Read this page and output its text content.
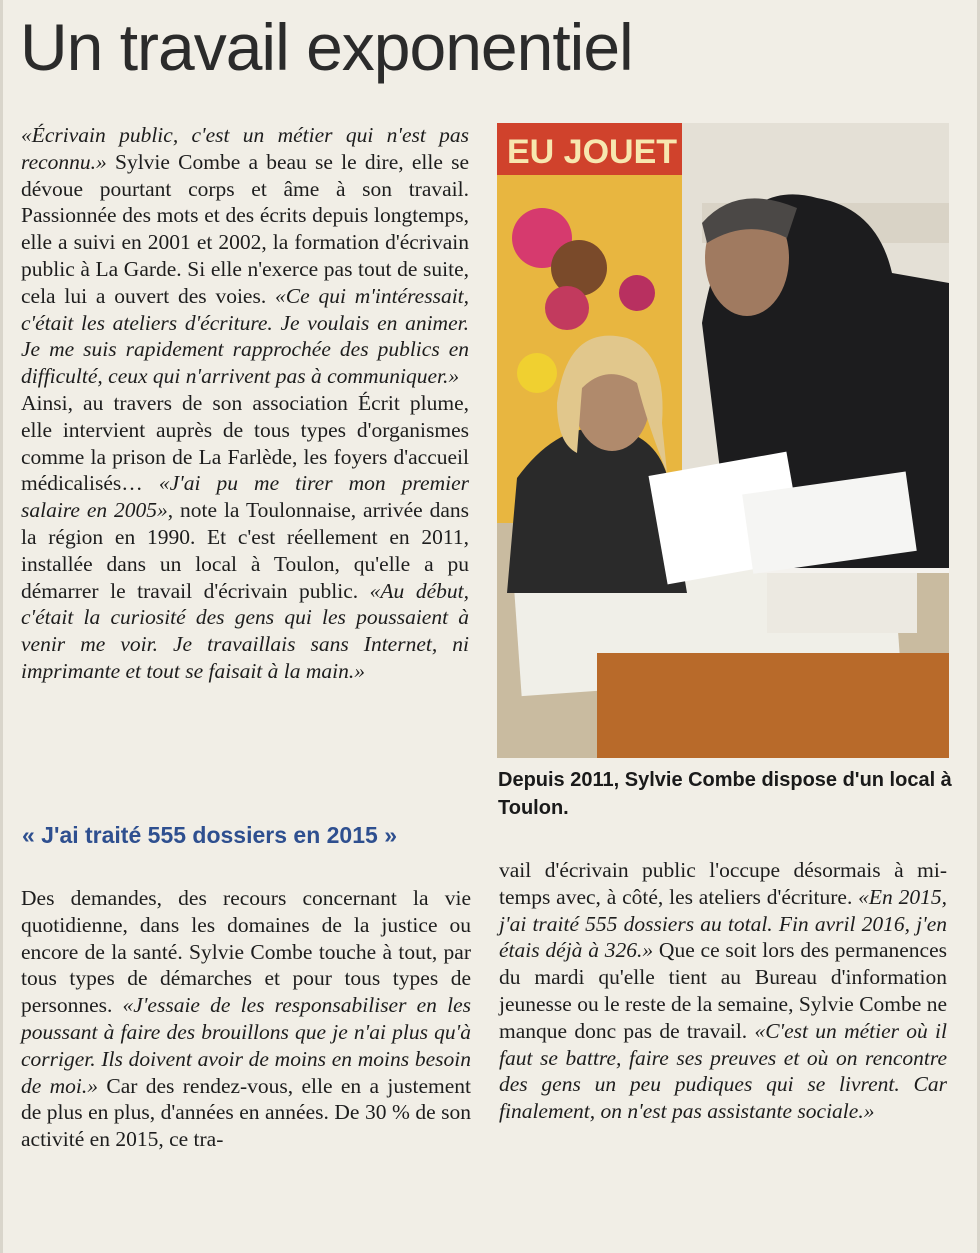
Un travail exponentiel

«Écrivain public, c'est un métier qui n'est pas reconnu.» Sylvie Combe a beau se le dire, elle se dévoue pourtant corps et âme à son travail. Passionnée des mots et des écrits depuis longtemps, elle a suivi en 2001 et 2002, la formation d'écrivain public à La Garde. Si elle n'exerce pas tout de suite, cela lui a ouvert des voies. «Ce qui m'intéressait, c'était les ateliers d'écriture. Je voulais en animer. Je me suis rapidement rapprochée des publics en difficulté, ceux qui n'arrivent pas à communiquer.»

Ainsi, au travers de son association Écrit plume, elle intervient auprès de tous types d'organismes comme la prison de La Farlède, les foyers d'accueil médicalisés… «J'ai pu me tirer mon premier salaire en 2005», note la Toulonnaise, arrivée dans la région en 1990. Et c'est réellement en 2011, installée dans un local à Toulon, qu'elle a pu démarrer le travail d'écrivain public. «Au début, c'était la curiosité des gens qui les poussaient à venir me voir. Je travaillais sans Internet, ni imprimante et tout se faisait à la main.»

EU JOUET

Depuis 2011, Sylvie Combe dispose d'un local à Toulon.

« J'ai traité 555 dossiers en 2015 »

Des demandes, des recours concernant la vie quotidienne, dans les domaines de la justice ou encore de la santé. Sylvie Combe touche à tout, par tous types de démarches et pour tous types de personnes. «J'essaie de les responsabiliser en les poussant à faire des brouillons que je n'ai plus qu'à corriger. Ils doivent avoir de moins en moins besoin de moi.» Car des rendez-vous, elle en a justement de plus en plus, d'années en années. De 30 % de son activité en 2015, ce tra-

vail d'écrivain public l'occupe désormais à mi-temps avec, à côté, les ateliers d'écriture. «En 2015, j'ai traité 555 dossiers au total. Fin avril 2016, j'en étais déjà à 326.» Que ce soit lors des permanences du mardi qu'elle tient au Bureau d'information jeunesse ou le reste de la semaine, Sylvie Combe ne manque donc pas de travail. «C'est un métier où il faut se battre, faire ses preuves et où on rencontre des gens un peu pudiques qui se livrent. Car finalement, on n'est pas assistante sociale.»
